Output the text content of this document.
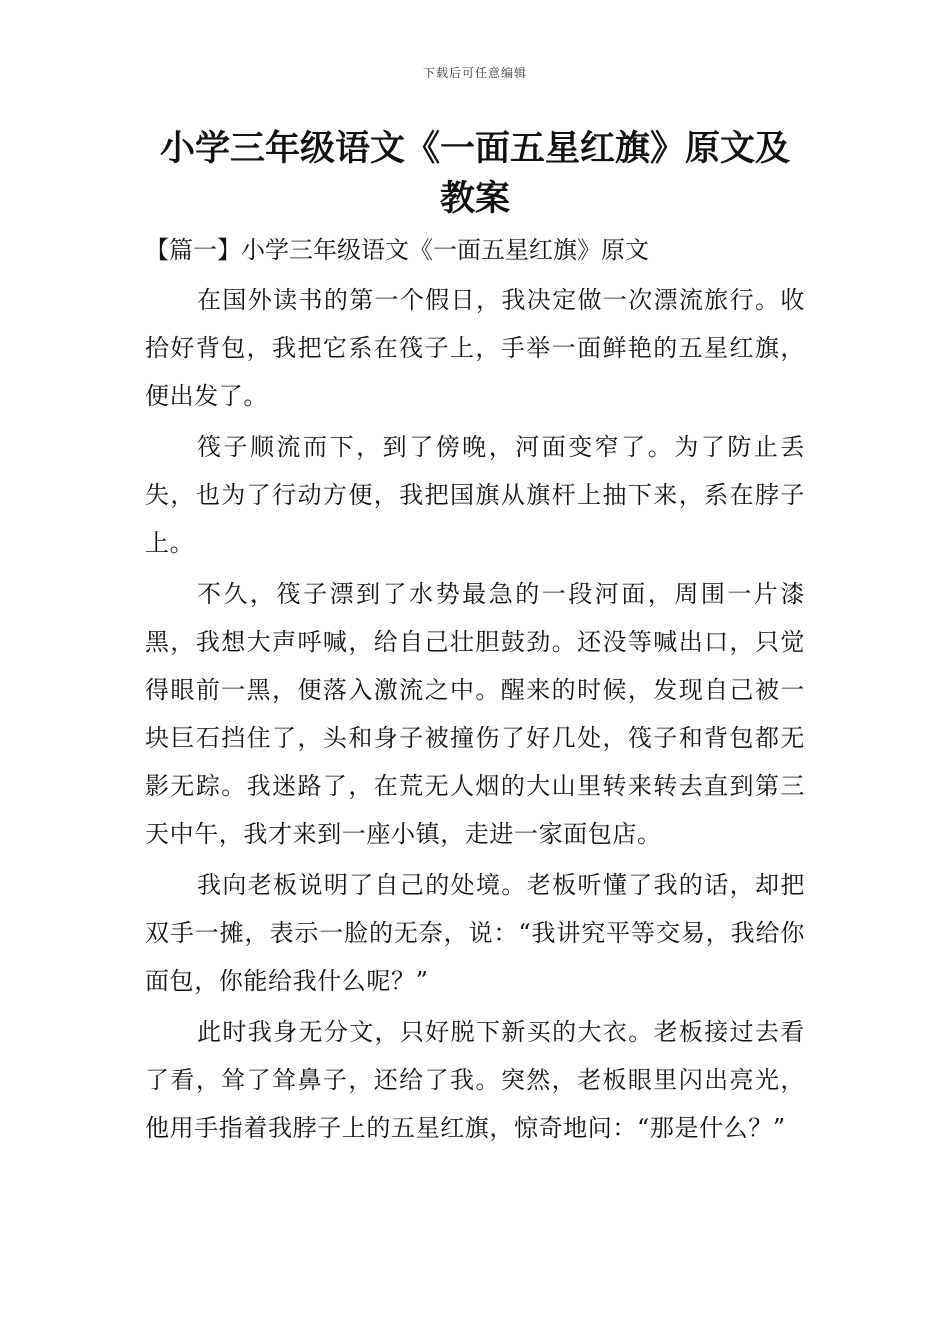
下载后可任意编辑
小学三年级语文《一面五星红旗》原文及教案
【篇一】小学三年级语文《一面五星红旗》原文

在国外读书的第一个假日，我决定做一次漂流旅行。收拾好背包，我把它系在筏子上，手举一面鲜艳的五星红旗，便出发了。

筏子顺流而下，到了傍晚，河面变窄了。为了防止丢失，也为了行动方便，我把国旗从旗杆上抽下来，系在脖子上。

不久，筏子漂到了水势最急的一段河面，周围一片漆黑，我想大声呼喊，给自己壮胆鼓劲。还没等喊出口，只觉得眼前一黑，便落入激流之中。醒来的时候，发现自己被一块巨石挡住了，头和身子被撞伤了好几处，筏子和背包都无影无踪。我迷路了，在荒无人烟的大山里转来转去直到第三天中午，我才来到一座小镇，走进一家面包店。

我向老板说明了自己的处境。老板听懂了我的话，却把双手一摊，表示一脸的无奈，说：“我讲究平等交易，我给你面包，你能给我什么呢？”

此时我身无分文，只好脱下新买的大衣。老板接过去看了看，耸了耸鼻子，还给了我。突然，老板眼里闪出亮光，他用手指着我脖子上的五星红旗，惊奇地问：“那是什么？”
